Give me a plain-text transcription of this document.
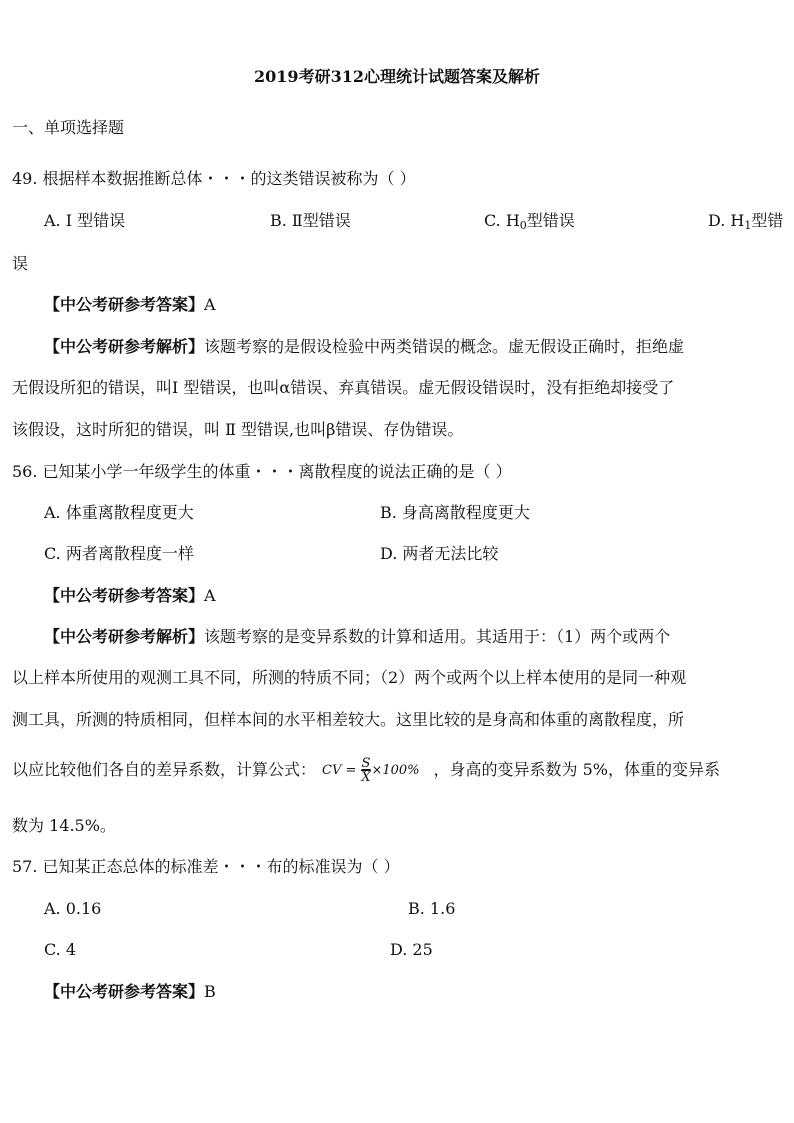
2019考研312心理统计试题答案及解析
一、单项选择题
49. 根据样本数据推断总体・・・的这类错误被称为（ ）
A. Ⅰ 型错误	B. Ⅱ型错误	C. $H_0$型错误	D. $H_1$型错
误
【中公考研参考答案】A
【中公考研参考解析】该题考察的是假设检验中两类错误的概念。虚无假设正确时，拒绝虚
无假设所犯的错误，叫Ⅰ 型错误，也叫α错误、弃真错误。虚无假设错误时，没有拒绝却接受了
该假设，这时所犯的错误，叫 Ⅱ 型错误,也叫β错误、存伪错误。
56. 已知某小学一年级学生的体重・・・离散程度的说法正确的是（ ）
A. 体重离散程度更大	B. 身高离散程度更大
C. 两者离散程度一样	D. 两者无法比较
【中公考研参考答案】A
【中公考研参考解析】该题考察的是变异系数的计算和适用。其适用于：（1）两个或两个
以上样本所使用的观测工具不同，所测的特质不同；（2）两个或两个以上样本使用的是同一种观
测工具，所测的特质相同，但样本间的水平相差较大。这里比较的是身高和体重的离散程度，所
以应比较他们各自的差异系数，计算公式： CV = $\frac{S}{X} \times 100\%$ ，身高的变异系数为 5%，体重的变异系
数为 14.5%。
57. 已知某正态总体的标准差・・・布的标准误为（ ）
A. 0.16	B. 1.6
C. 4	D. 25
【中公考研参考答案】B
